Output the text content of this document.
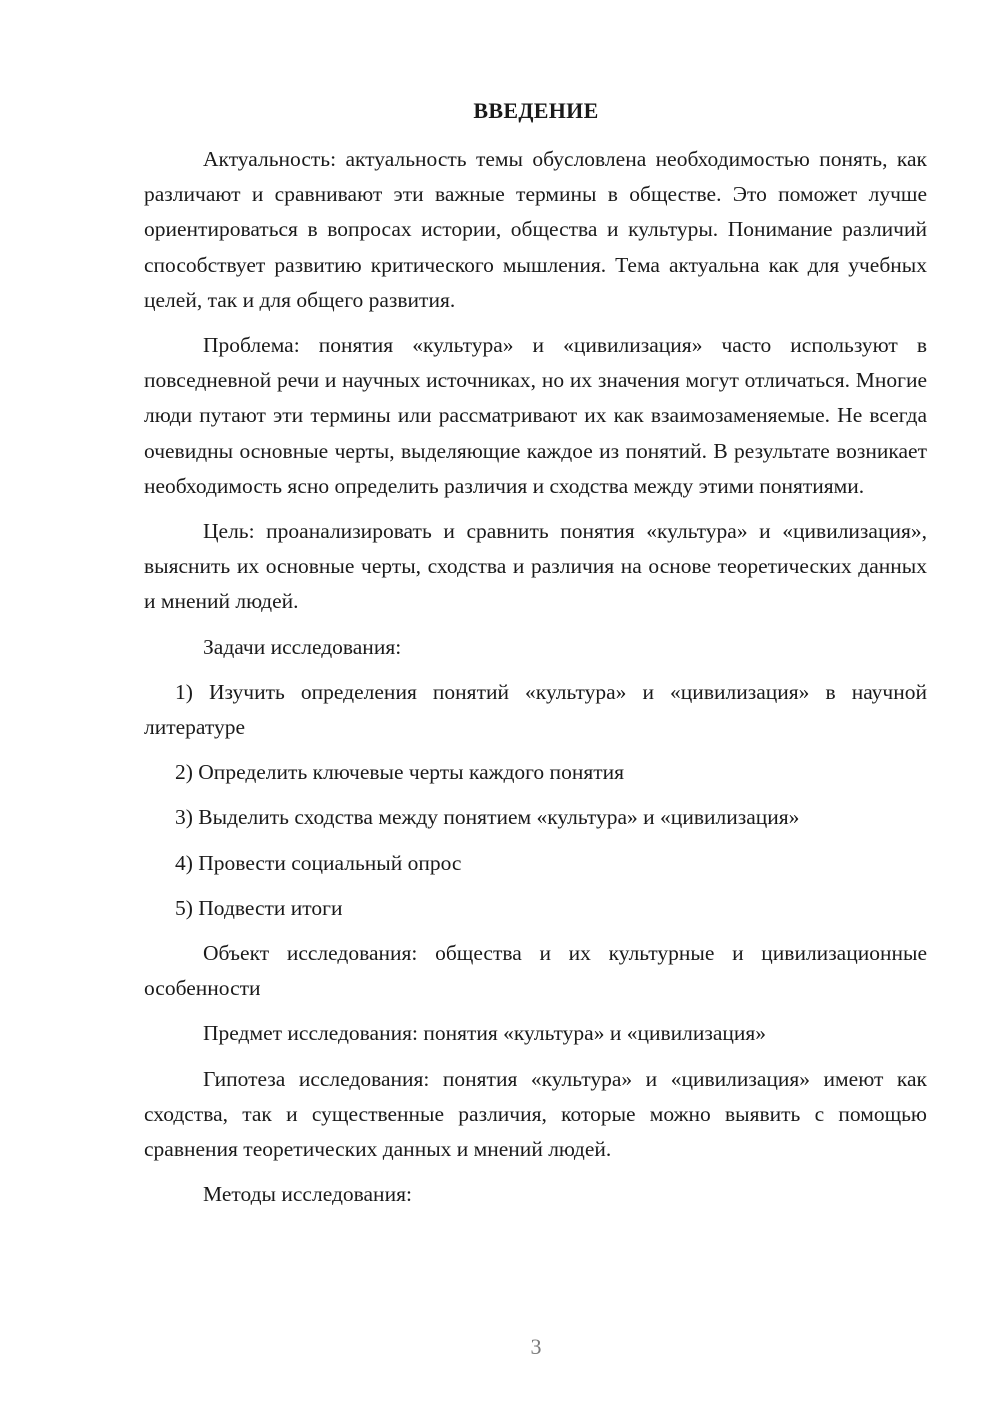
ВВЕДЕНИЕ

Актуальность: актуальность темы обусловлена необходимостью понять, как различают и сравнивают эти важные термины в обществе. Это поможет лучше ориентироваться в вопросах истории, общества и культуры. Понимание различий способствует развитию критического мышления. Тема актуальна как для учебных целей, так и для общего развития.

Проблема: понятия «культура» и «цивилизация» часто используют в повседневной речи и научных источниках, но их значения могут отличаться. Многие люди путают эти термины или рассматривают их как взаимозаменяемые. Не всегда очевидны основные черты, выделяющие каждое из понятий. В результате возникает необходимость ясно определить различия и сходства между этими понятиями.

Цель: проанализировать и сравнить понятия «культура» и «цивилизация», выяснить их основные черты, сходства и различия на основе теоретических данных и мнений людей.

Задачи исследования:

1) Изучить определения понятий «культура» и «цивилизация» в научной литературе

2) Определить ключевые черты каждого понятия

3) Выделить сходства между понятием «культура» и «цивилизация»

4) Провести социальный опрос

5) Подвести итоги

Объект исследования: общества и их культурные и цивилизационные особенности

Предмет исследования: понятия «культура» и «цивилизация»

Гипотеза исследования: понятия «культура» и «цивилизация» имеют как сходства, так и существенные различия, которые можно выявить с помощью сравнения теоретических данных и мнений людей.

Методы исследования:

3
